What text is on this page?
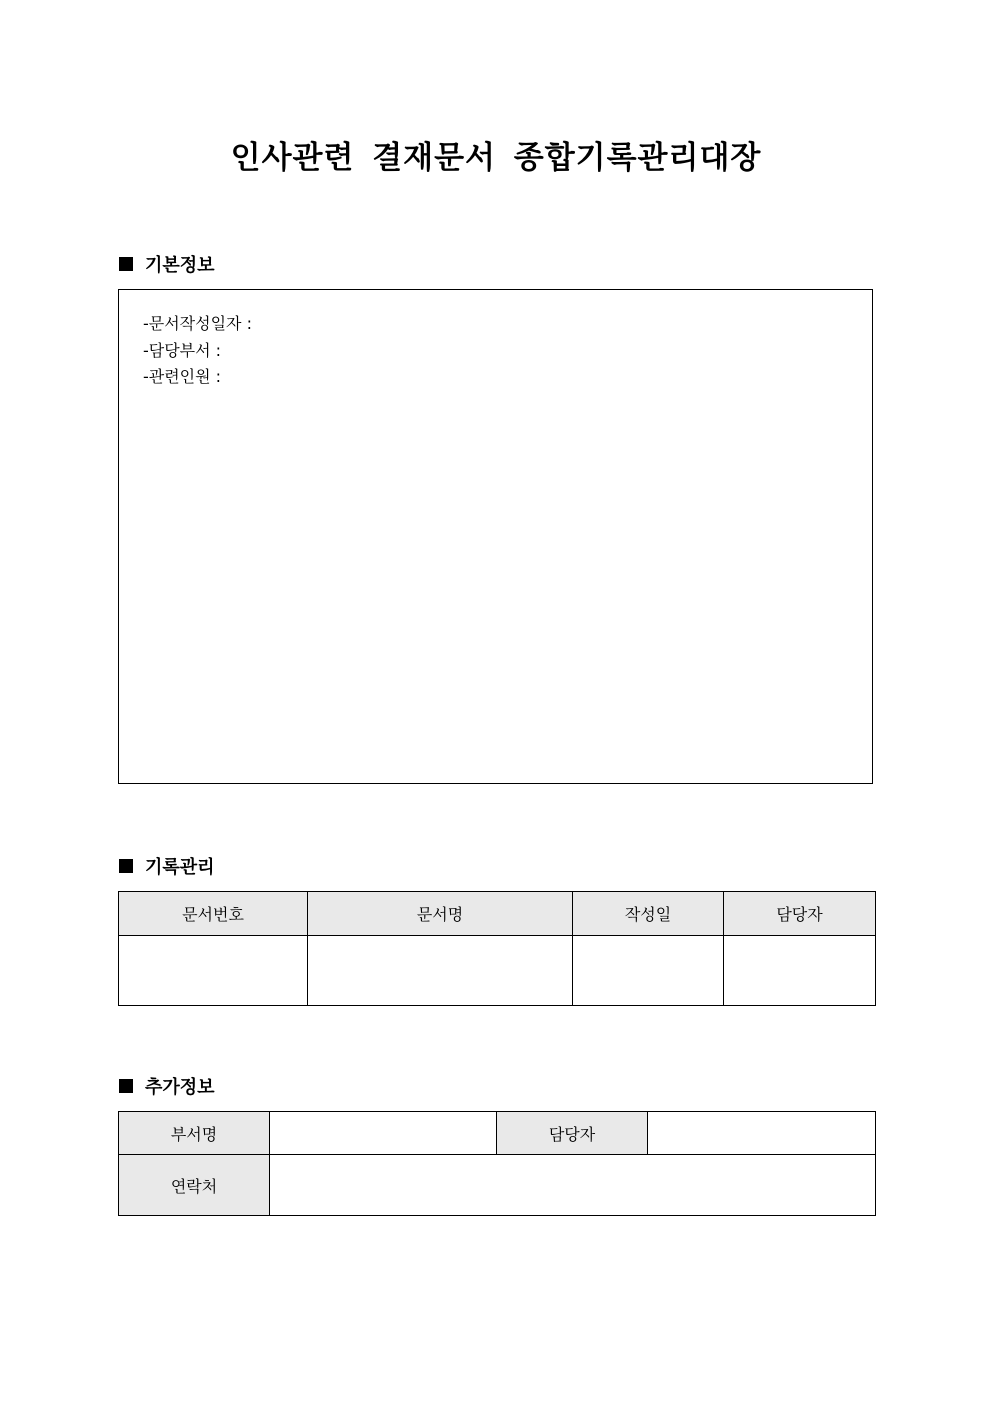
인사관련 결재문서 종합기록관리대장
기본정보
-문서작성일자 :
-담당부서 :
-관련인원 :
기록관리
문서번호	문서명	작성일	담당자

추가정보
부서명		담당자	
연락처			
